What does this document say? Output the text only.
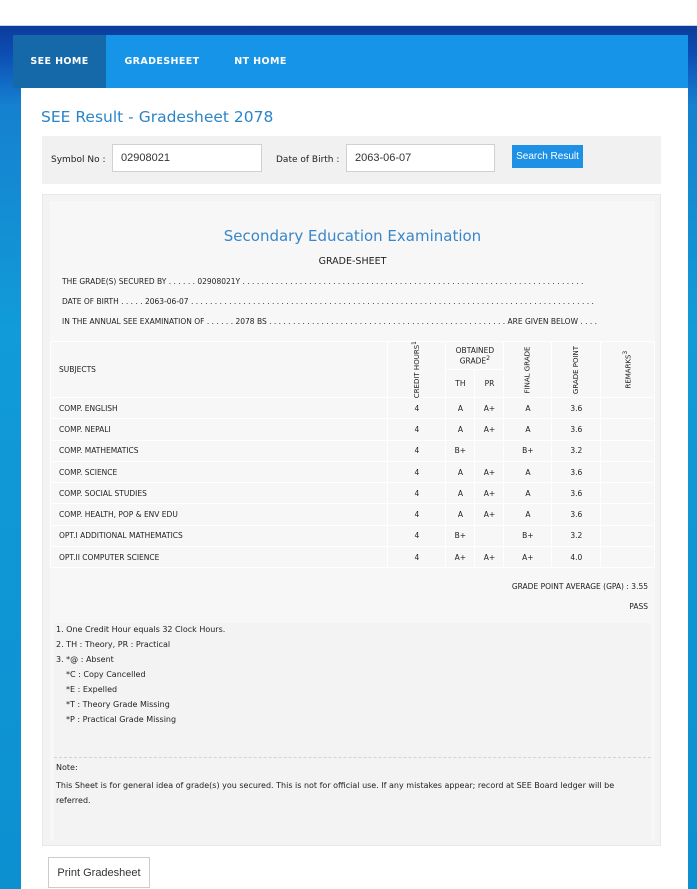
SEE HOME	GRADESHEET	NT HOME
SEE Result - Gradesheet 2078
Symbol No :	02908021	Date of Birth :	2063-06-07	Search Result
Secondary Education Examination
GRADE-SHEET
THE GRADE(S) SECURED BY . . . . . . 02908021Y . . . . . . . . . . . . . . . . . . . . . . . . . . . . . . . . . . . . . . . . . . . . . . . . . . . . . . . . . . . . . . . . . . . . . . . .
DATE OF BIRTH . . . . . 2063-06-07 . . . . . . . . . . . . . . . . . . . . . . . . . . . . . . . . . . . . . . . . . . . . . . . . . . . . . . . . . . . . . . . . . . . . . . . . . . . . . . . . . . . . .
IN THE ANNUAL SEE EXAMINATION OF . . . . . . 2078 BS . . . . . . . . . . . . . . . . . . . . . . . . . . . . . . . . . . . . . . . . . . . . . . . . . . ARE GIVEN BELOW . . . .
SUBJECTS	CREDIT HOURS$^1$	OBTAINED GRADE$^2$		FINAL GRADE	GRADE POINT	REMARKS$^3$
		TH	PR			
COMP. ENGLISH	4	A	A+	A	3.6	
COMP. NEPALI	4	A	A+	A	3.6	
COMP. MATHEMATICS	4	B+		B+	3.2	
COMP. SCIENCE	4	A	A+	A	3.6	
COMP. SOCIAL STUDIES	4	A	A+	A	3.6	
COMP. HEALTH, POP & ENV EDU	4	A	A+	A	3.6	
OPT.I ADDITIONAL MATHEMATICS	4	B+		B+	3.2	
OPT.II COMPUTER SCIENCE	4	A+	A+	A+	4.0	
GRADE POINT AVERAGE (GPA) : 3.55
PASS
1. One Credit Hour equals 32 Clock Hours.
2. TH : Theory, PR : Practical
3. *@ : Absent
*C : Copy Cancelled
*E : Expelled
*T : Theory Grade Missing
*P : Practical Grade Missing
Note:
This Sheet is for general idea of grade(s) you secured. This is not for official use. If any mistakes appear; record at SEE Board ledger will be referred.
Print Gradesheet
